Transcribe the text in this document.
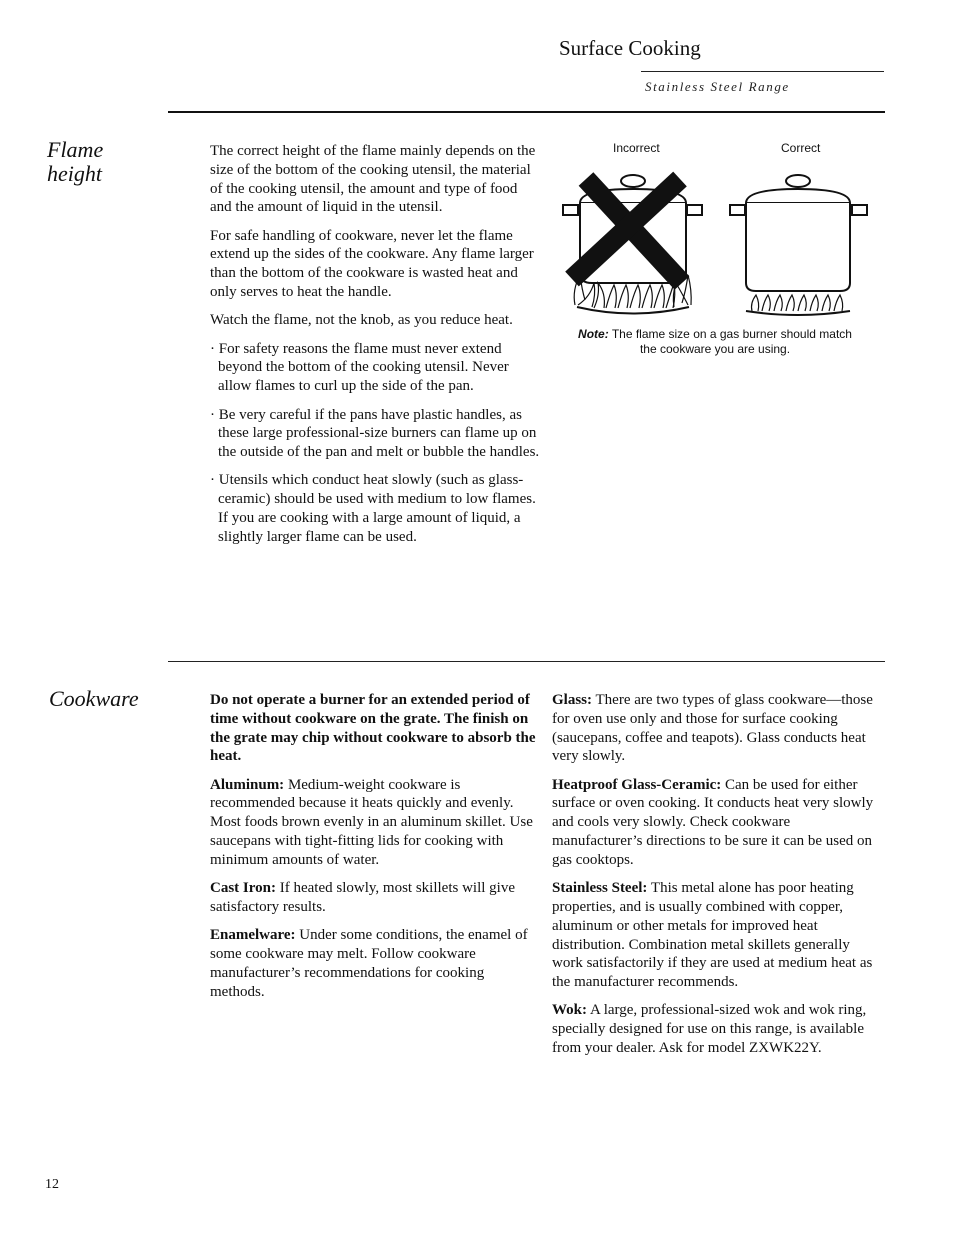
Surface Cooking
Stainless Steel Range
Flame
height

The correct height of the flame mainly depends on the size of the bottom of the cooking utensil, the material of the cooking utensil, the amount and type of food and the amount of liquid in the utensil.

For safe handling of cookware, never let the flame extend up the sides of the cookware. Any flame larger than the bottom of the cookware is wasted heat and only serves to heat the handle.

Watch the flame, not the knob, as you reduce heat.

· For safety reasons the flame must never extend beyond the bottom of the cooking utensil. Never allow flames to curl up the side of the pan.

· Be very careful if the pans have plastic handles, as these large professional-size burners can flame up on the outside of the pan and melt or bubble the handles.

· Utensils which conduct heat slowly (such as glass-ceramic) should be used with medium to low flames. If you are cooking with a large amount of liquid, a slightly larger flame can be used.

Incorrect	Correct
Note: The flame size on a gas burner should match the cookware you are using.
Cookware	Do not operate a burner for an extended period of time without cookware on the grate. The finish on the grate may chip without cookware to absorb the heat.

Aluminum: Medium-weight cookware is recommended because it heats quickly and evenly. Most foods brown evenly in an aluminum skillet. Use saucepans with tight-fitting lids for cooking with minimum amounts of water.

Cast Iron: If heated slowly, most skillets will give satisfactory results.

Enamelware: Under some conditions, the enamel of some cookware may melt. Follow cookware manufacturer’s recommendations for cooking methods.

Glass: There are two types of glass cookware—those for oven use only and those for surface cooking (saucepans, coffee and teapots). Glass conducts heat very slowly.

Heatproof Glass-Ceramic: Can be used for either surface or oven cooking. It conducts heat very slowly and cools very slowly. Check cookware manufacturer’s directions to be sure it can be used on gas cooktops.

Stainless Steel: This metal alone has poor heating properties, and is usually combined with copper, aluminum or other metals for improved heat distribution. Combination metal skillets generally work satisfactorily if they are used at medium heat as the manufacturer recommends.

Wok: A large, professional-sized wok and wok ring, specially designed for use on this range, is available from your dealer. Ask for model ZXWK22Y.

12
